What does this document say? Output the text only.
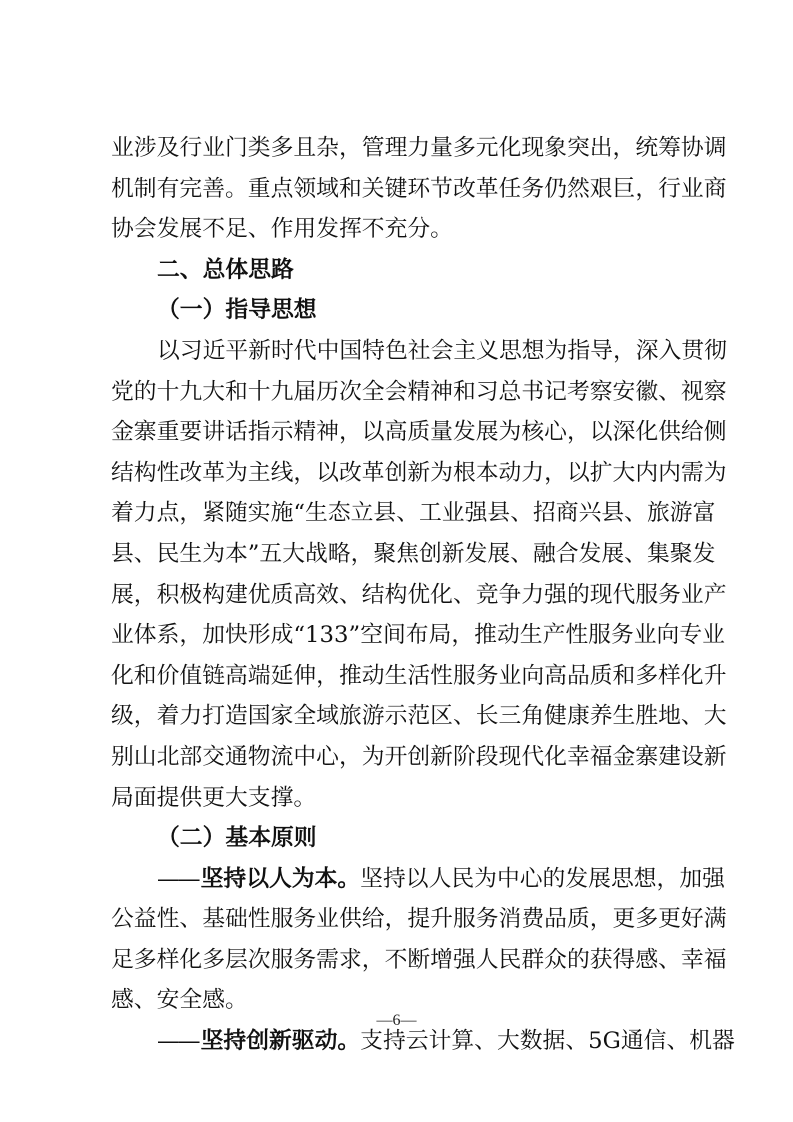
业涉及行业门类多且杂，管理力量多元化现象突出，统筹协调
机制有完善。重点领域和关键环节改革任务仍然艰巨，行业商
协会发展不足、作用发挥不充分。
二、总体思路
（一）指导思想
以习近平新时代中国特色社会主义思想为指导，深入贯彻
党的十九大和十九届历次全会精神和习总书记考察安徽、视察
金寨重要讲话指示精神，以高质量发展为核心，以深化供给侧
结构性改革为主线，以改革创新为根本动力，以扩大内内需为
着力点，紧随实施“生态立县、工业强县、招商兴县、旅游富
县、民生为本”五大战略，聚焦创新发展、融合发展、集聚发
展，积极构建优质高效、结构优化、竞争力强的现代服务业产
业体系，加快形成“133”空间布局，推动生产性服务业向专业
化和价值链高端延伸，推动生活性服务业向高品质和多样化升
级，着力打造国家全域旅游示范区、长三角健康养生胜地、大
别山北部交通物流中心，为开创新阶段现代化幸福金寨建设新
局面提供更大支撑。
（二）基本原则
——坚持以人为本。坚持以人民为中心的发展思想，加强
公益性、基础性服务业供给，提升服务消费品质，更多更好满
足多样化多层次服务需求，不断增强人民群众的获得感、幸福
感、安全感。
——坚持创新驱动。支持云计算、大数据、5G通信、机器
—6—
